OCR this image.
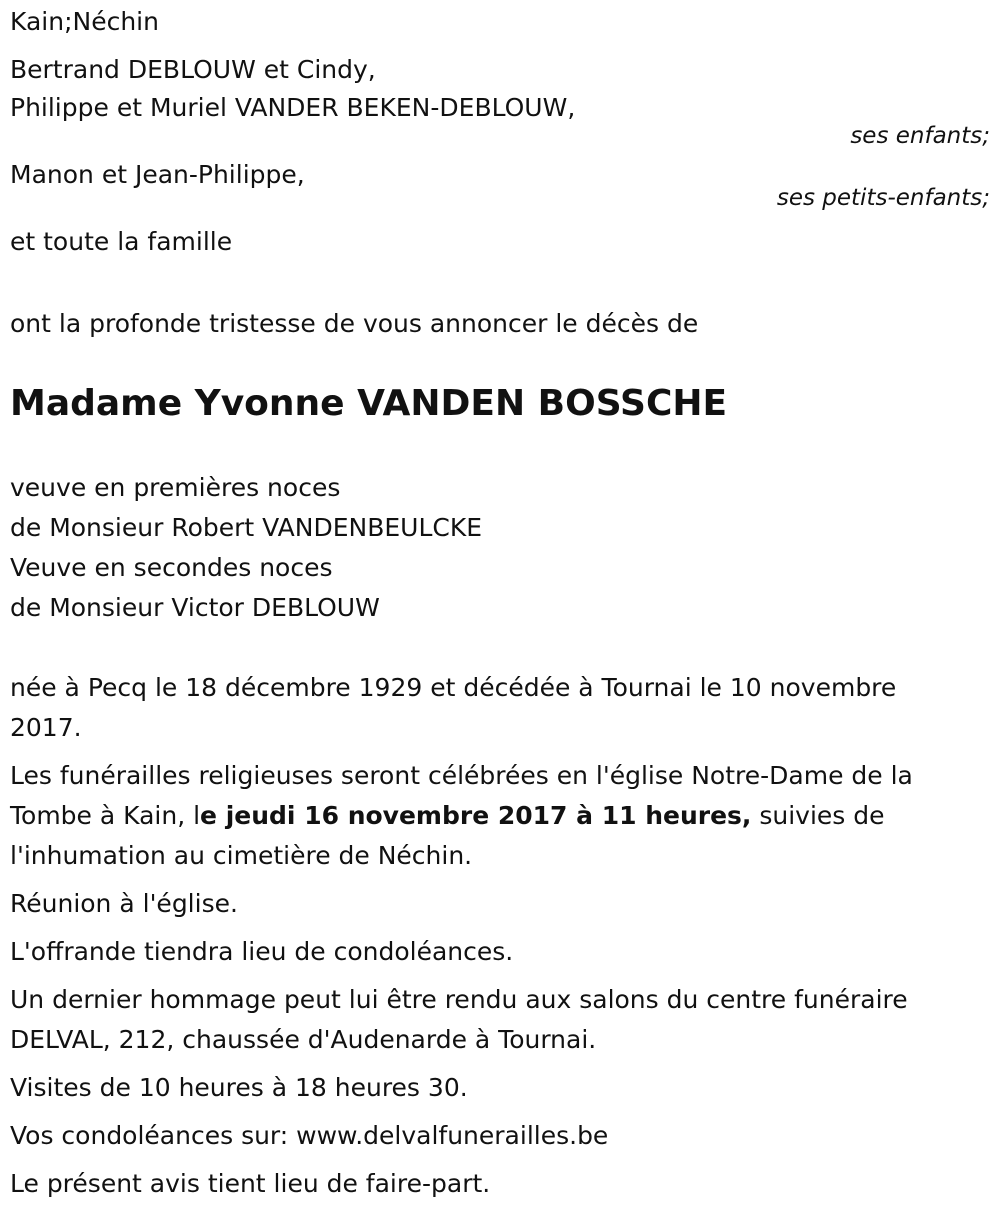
Kain;Néchin
Bertrand DEBLOUW et Cindy,
Philippe et Muriel VANDER BEKEN-DEBLOUW,
ses enfants;
Manon et Jean-Philippe,
ses petits-enfants;
et toute la famille
ont la profonde tristesse de vous annoncer le décès de
Madame Yvonne VANDEN BOSSCHE
veuve en premières noces
de Monsieur Robert VANDENBEULCKE
Veuve en secondes noces
de Monsieur Victor DEBLOUW
née à Pecq le 18 décembre 1929 et décédée à Tournai le 10 novembre 2017.

Les funérailles religieuses seront célébrées en l'église Notre-Dame de la Tombe à Kain, le jeudi 16 novembre 2017 à 11 heures, suivies de l'inhumation au cimetière de Néchin.

Réunion à l'église.
L'offrande tiendra lieu de condoléances.
Un dernier hommage peut lui être rendu aux salons du centre funéraire DELVAL, 212, chaussée d'Audenarde à Tournai.
Visites de 10 heures à 18 heures 30.
Vos condoléances sur: www.delvalfunerailles.be
Le présent avis tient lieu de faire-part.
